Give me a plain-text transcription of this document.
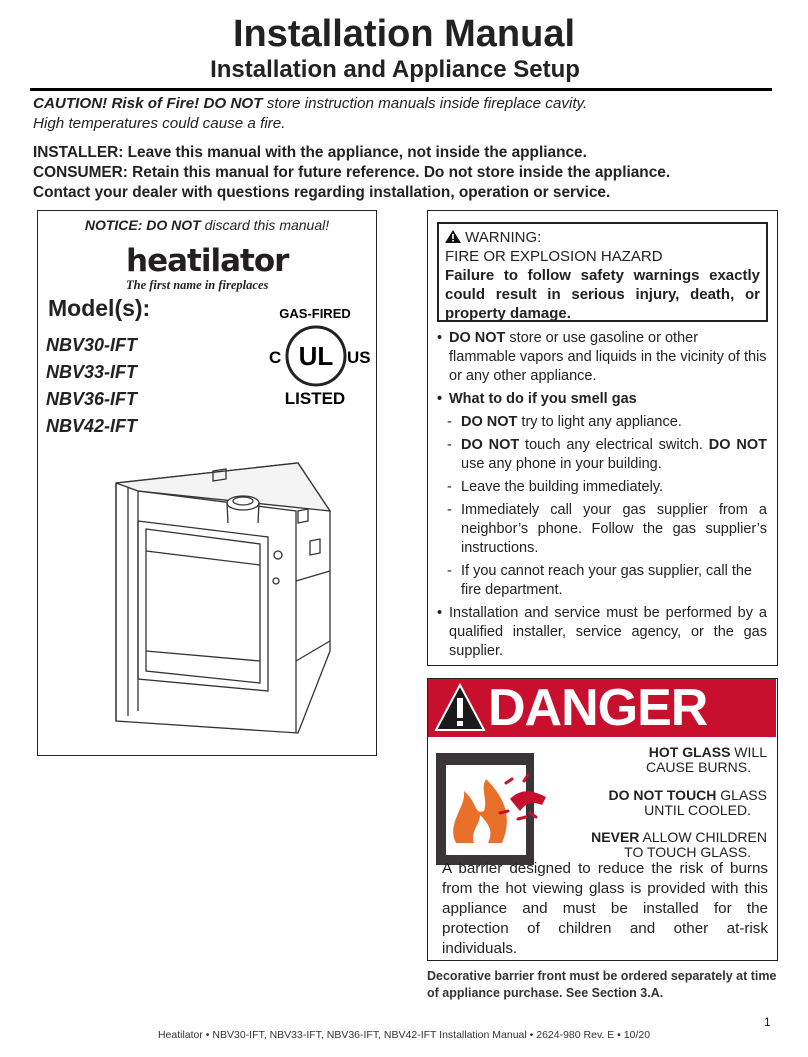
Installation Manual
Installation and Appliance Setup
CAUTION! Risk of Fire! DO NOT store instruction manuals inside fireplace cavity.
High temperatures could cause a fire.
INSTALLER: Leave this manual with the appliance, not inside the appliance.
CONSUMER: Retain this manual for future reference. Do not store inside the appliance.
Contact your dealer with questions regarding installation, operation or service.
NOTICE: DO NOT discard this manual!
heatilator
The first name in fireplaces
Model(s):
NBV30-IFT
NBV33-IFT
NBV36-IFT
NBV42-IFT
GAS-FIRED
UL
C	US
LISTED
WARNING:
FIRE OR EXPLOSION HAZARD
Failure to follow safety warnings exactly could result in serious injury, death, or property damage.
• DO NOT store or use gasoline or other flammable vapors and liquids in the vicinity of this or any other appliance.
• What to do if you smell gas
- DO NOT try to light any appliance.
- DO NOT touch any electrical switch. DO NOT use any phone in your building.
- Leave the building immediately.
- Immediately call your gas supplier from a neighbor’s phone. Follow the gas supplier’s instructions.
- If you cannot reach your gas supplier, call the fire department.
• Installation and service must be performed by a qualified installer, service agency, or the gas supplier.
DANGER
HOT GLASS WILL
CAUSE BURNS.
DO NOT TOUCH GLASS
UNTIL COOLED.
NEVER ALLOW CHILDREN
TO TOUCH GLASS.
A barrier designed to reduce the risk of burns from the hot viewing glass is provided with this appliance and must be installed for the protection of children and other at-risk individuals.
Decorative barrier front must be ordered separately at time of appliance purchase. See Section 3.A.
1
Heatilator • NBV30-IFT, NBV33-IFT, NBV36-IFT, NBV42-IFT Installation Manual • 2624-980 Rev. E • 10/20
